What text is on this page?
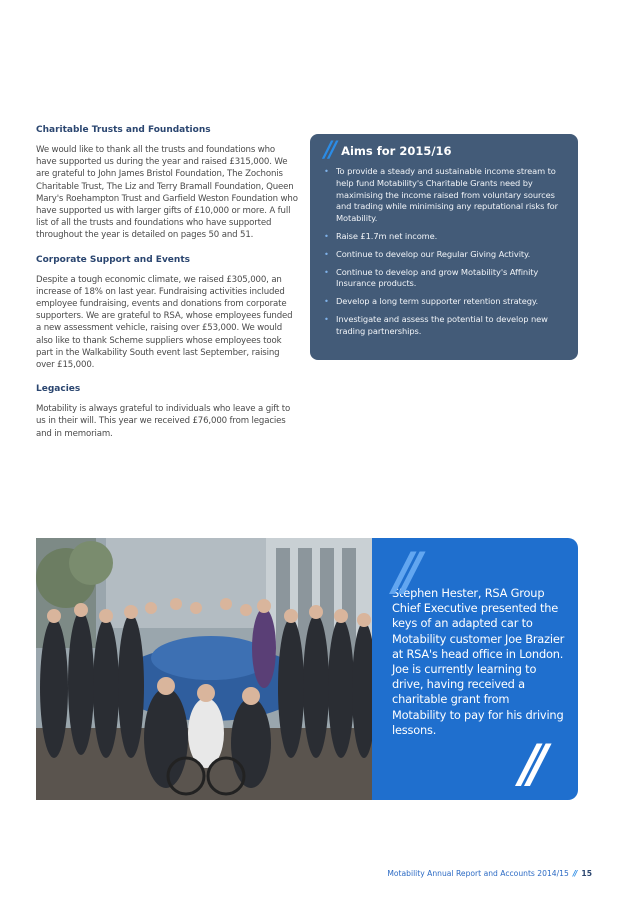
Charitable Trusts and Foundations

We would like to thank all the trusts and foundations who have supported us during the year and raised £315,000. We are grateful to John James Bristol Foundation, The Zochonis Charitable Trust, The Liz and Terry Bramall Foundation, Queen Mary's Roehampton Trust and Garfield Weston Foundation who have supported us with larger gifts of £10,000 or more. A full list of all the trusts and foundations who have supported throughout the year is detailed on pages 50 and 51.

Corporate Support and Events

Despite a tough economic climate, we raised £305,000, an increase of 18% on last year. Fundraising activities included employee fundraising, events and donations from corporate supporters. We are grateful to RSA, whose employees funded a new assessment vehicle, raising over £53,000. We would also like to thank Scheme suppliers whose employees took part in the Walkability South event last September, raising over £15,000.

Legacies

Motability is always grateful to individuals who leave a gift to us in their will. This year we received £76,000 from legacies and in memoriam.

// Aims for 2015/16
• To provide a steady and sustainable income stream to help fund Motability's Charitable Grants need by maximising the income raised from voluntary sources and trading while minimising any reputational risks for Motability.
• Raise £1.7m net income.
• Continue to develop our Regular Giving Activity.
• Continue to develop and grow Motability's Affinity Insurance products.
• Develop a long term supporter retention strategy.
• Investigate and assess the potential to develop new trading partnerships.
//
Stephen Hester, RSA Group Chief Executive presented the keys of an adapted car to Motability customer Joe Brazier at RSA's head office in London. Joe is currently learning to drive, having received a charitable grant from Motability to pay for his driving lessons.
//
Motability Annual Report and Accounts 2014/15 // 15
